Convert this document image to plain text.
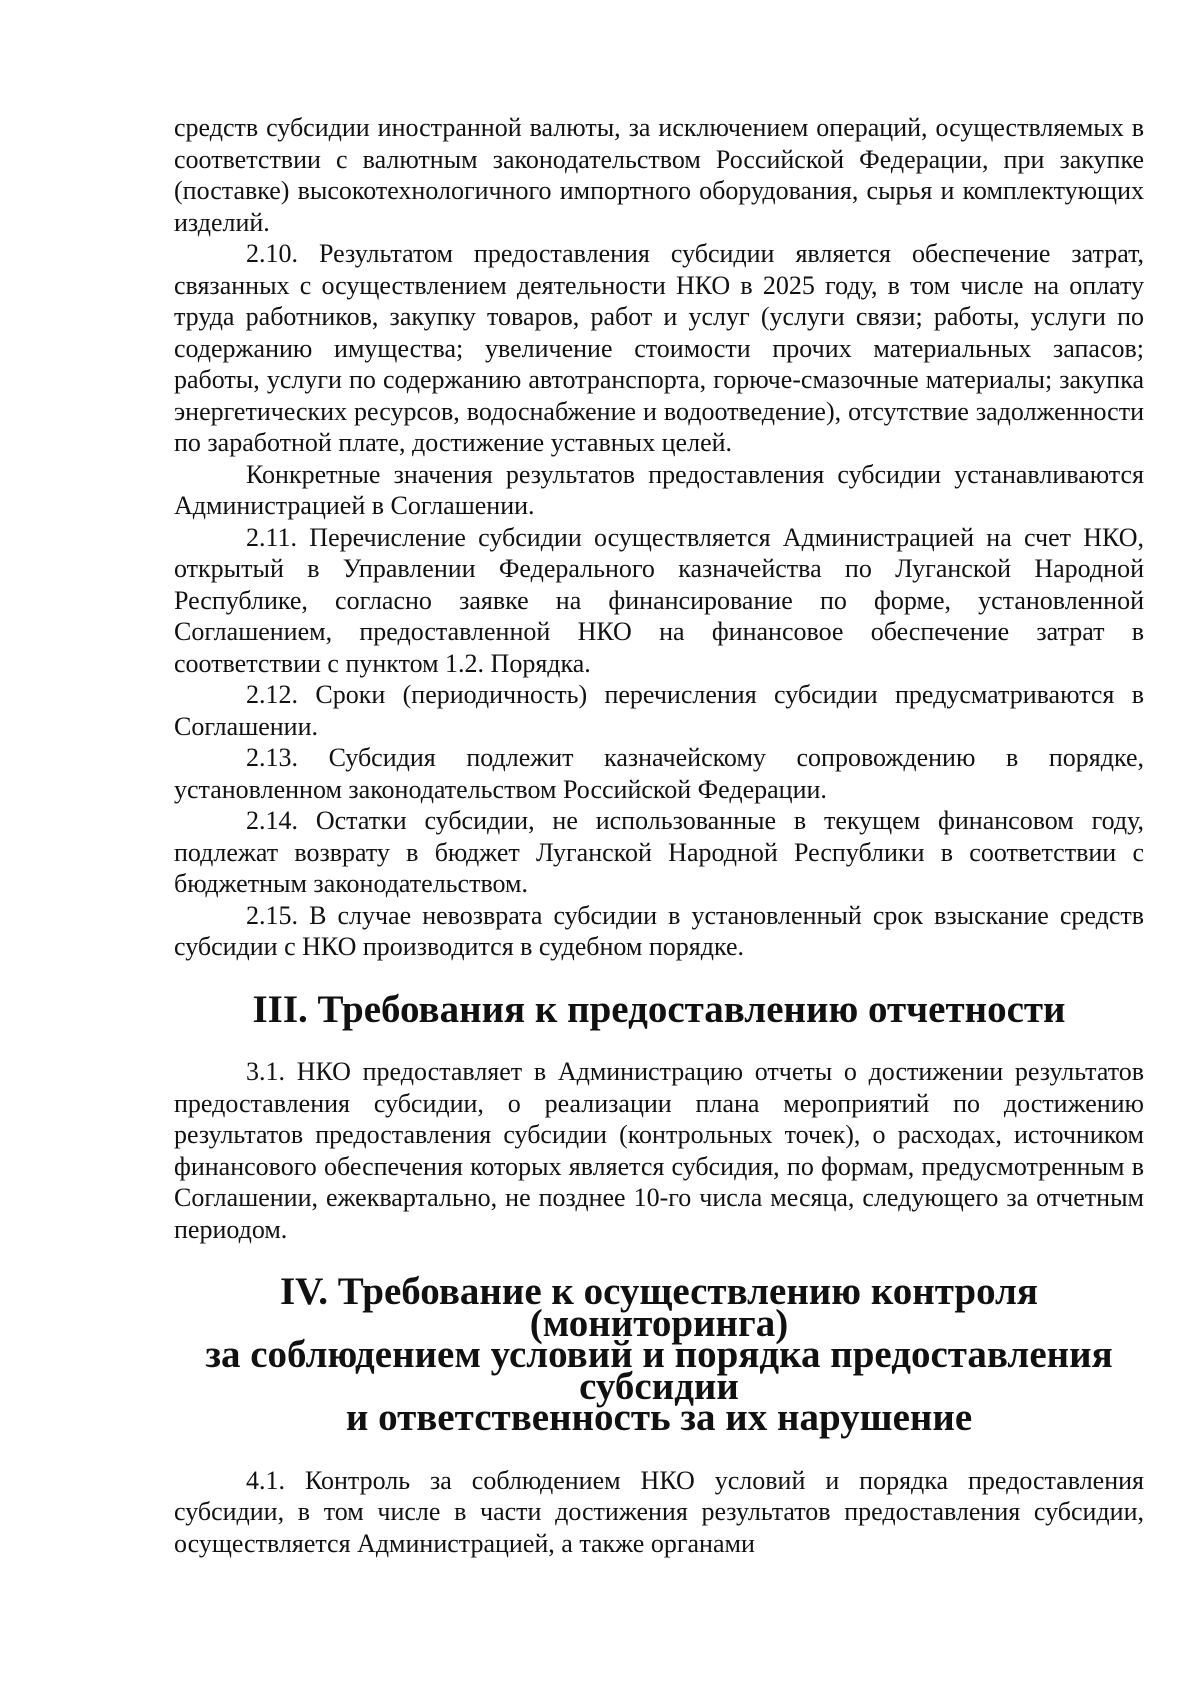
средств субсидии иностранной валюты, за исключением операций, осуществляемых в соответствии с валютным законодательством Российской Федерации, при закупке (поставке) высокотехнологичного импортного оборудования, сырья и комплектующих изделий.

2.10. Результатом предоставления субсидии является обеспечение затрат, связанных с осуществлением деятельности НКО в 2025 году, в том числе на оплату труда работников, закупку товаров, работ и услуг (услуги связи; работы, услуги по содержанию имущества; увеличение стоимости прочих материальных запасов; работы, услуги по содержанию автотранспорта, горюче-смазочные материалы; закупка энергетических ресурсов, водоснабжение и водоотведение), отсутствие задолженности по заработной плате, достижение уставных целей.

Конкретные значения результатов предоставления субсидии устанавливаются Администрацией в Соглашении.

2.11. Перечисление субсидии осуществляется Администрацией на счет НКО, открытый в Управлении Федерального казначейства по Луганской Народной Республике, согласно заявке на финансирование по форме, установленной Соглашением, предоставленной НКО на финансовое обеспечение затрат в соответствии с пунктом 1.2. Порядка.

2.12. Сроки (периодичность) перечисления субсидии предусматриваются в Соглашении.

2.13. Субсидия подлежит казначейскому сопровождению в порядке, установленном законодательством Российской Федерации.

2.14. Остатки субсидии, не использованные в текущем финансовом году, подлежат возврату в бюджет Луганской Народной Республики в соответствии с бюджетным законодательством.

2.15. В случае невозврата субсидии в установленный срок взыскание средств субсидии с НКО производится в судебном порядке.

III. Требования к предоставлению отчетности

3.1. НКО предоставляет в Администрацию отчеты о достижении результатов предоставления субсидии, о реализации плана мероприятий по достижению результатов предоставления субсидии (контрольных точек), о расходах, источником финансового обеспечения которых является субсидия, по формам, предусмотренным в Соглашении, ежеквартально, не позднее 10-го числа месяца, следующего за отчетным периодом.

IV. Требование к осуществлению контроля (мониторинга)
за соблюдением условий и порядка предоставления субсидии
и ответственность за их нарушение

4.1. Контроль за соблюдением НКО условий и порядка предоставления субсидии, в том числе в части достижения результатов предоставления субсидии, осуществляется Администрацией, а также органами
